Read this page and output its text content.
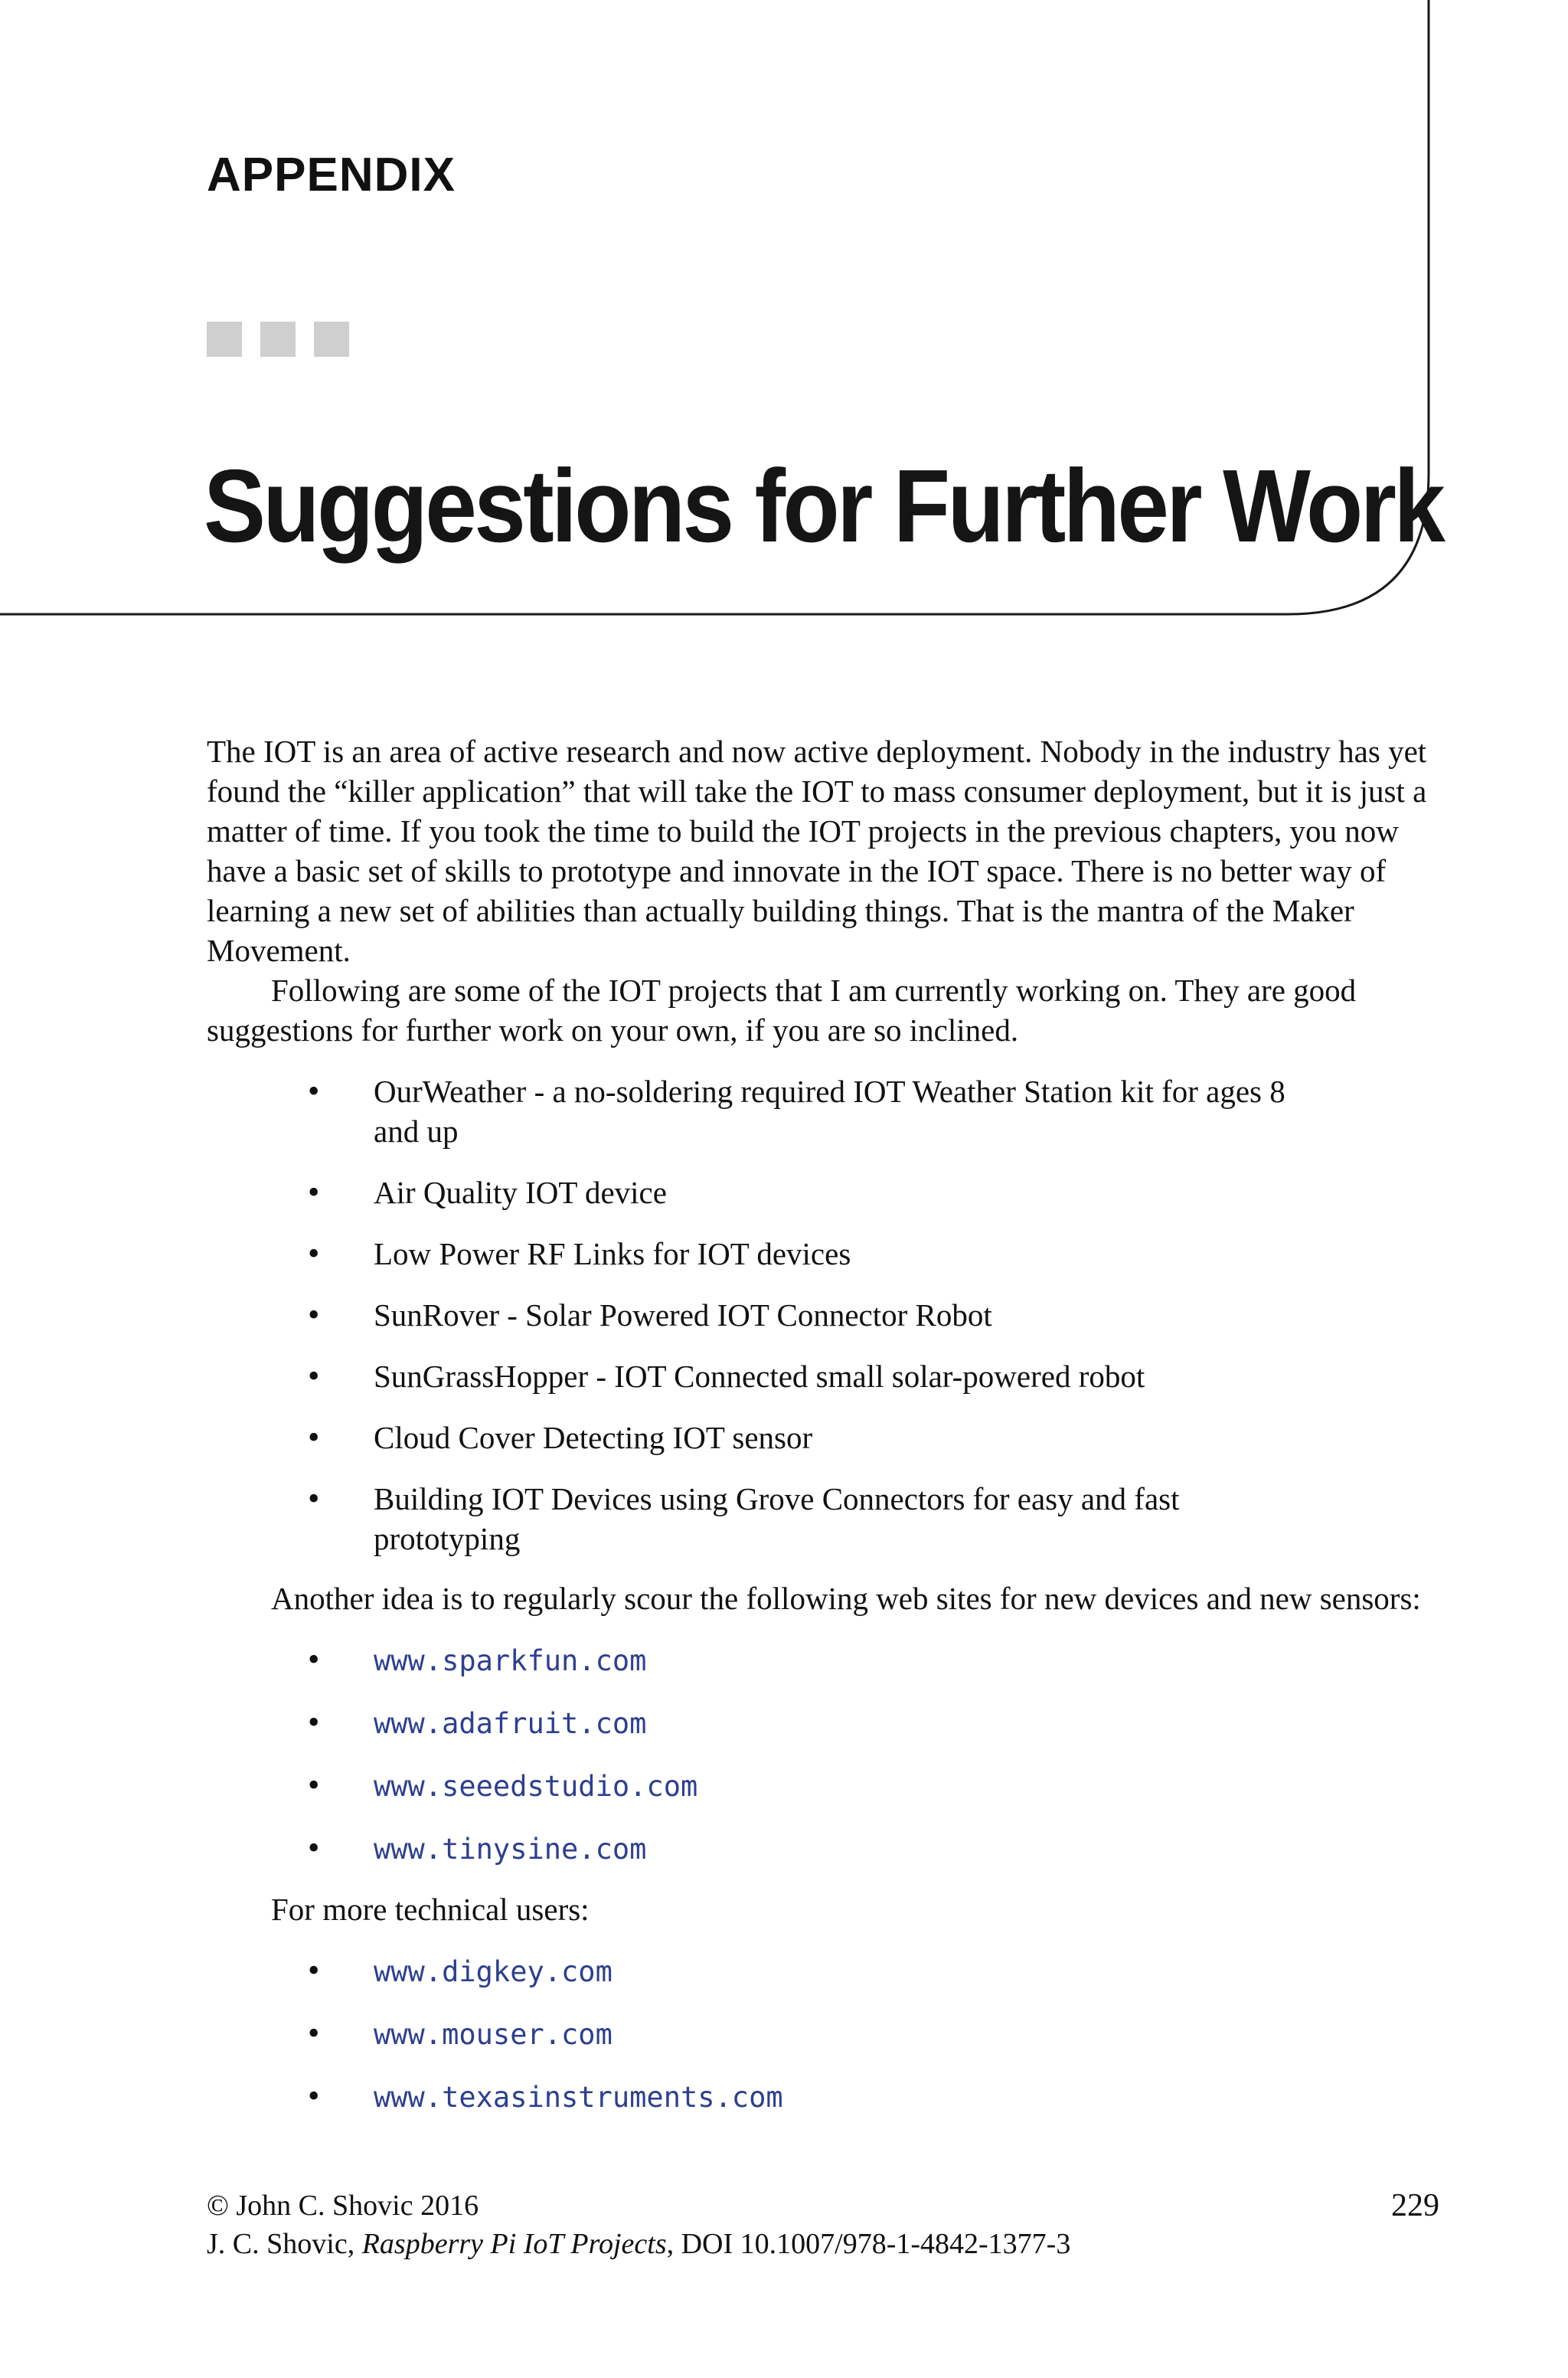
APPENDIX
Suggestions for Further Work

The IOT is an area of active research and now active deployment. Nobody in the industry has yet found the “killer application” that will take the IOT to mass consumer deployment, but it is just a matter of time. If you took the time to build the IOT projects in the previous chapters, you now have a basic set of skills to prototype and innovate in the IOT space. There is no better way of learning a new set of abilities than actually building things. That is the mantra of the Maker Movement.

Following are some of the IOT projects that I am currently working on. They are good suggestions for further work on your own, if you are so inclined.

• OurWeather - a no-soldering required IOT Weather Station kit for ages 8 and up
• Air Quality IOT device
• Low Power RF Links for IOT devices
• SunRover - Solar Powered IOT Connector Robot
• SunGrassHopper - IOT Connected small solar-powered robot
• Cloud Cover Detecting IOT sensor
• Building IOT Devices using Grove Connectors for easy and fast prototyping

Another idea is to regularly scour the following web sites for new devices and new sensors:

• www.sparkfun.com
• www.adafruit.com
• www.seeedstudio.com
• www.tinysine.com

For more technical users:

• www.digkey.com
• www.mouser.com
• www.texasinstruments.com
© John C. Shovic 2016
J. C. Shovic, Raspberry Pi IoT Projects, DOI 10.1007/978-1-4842-1377-3
229
